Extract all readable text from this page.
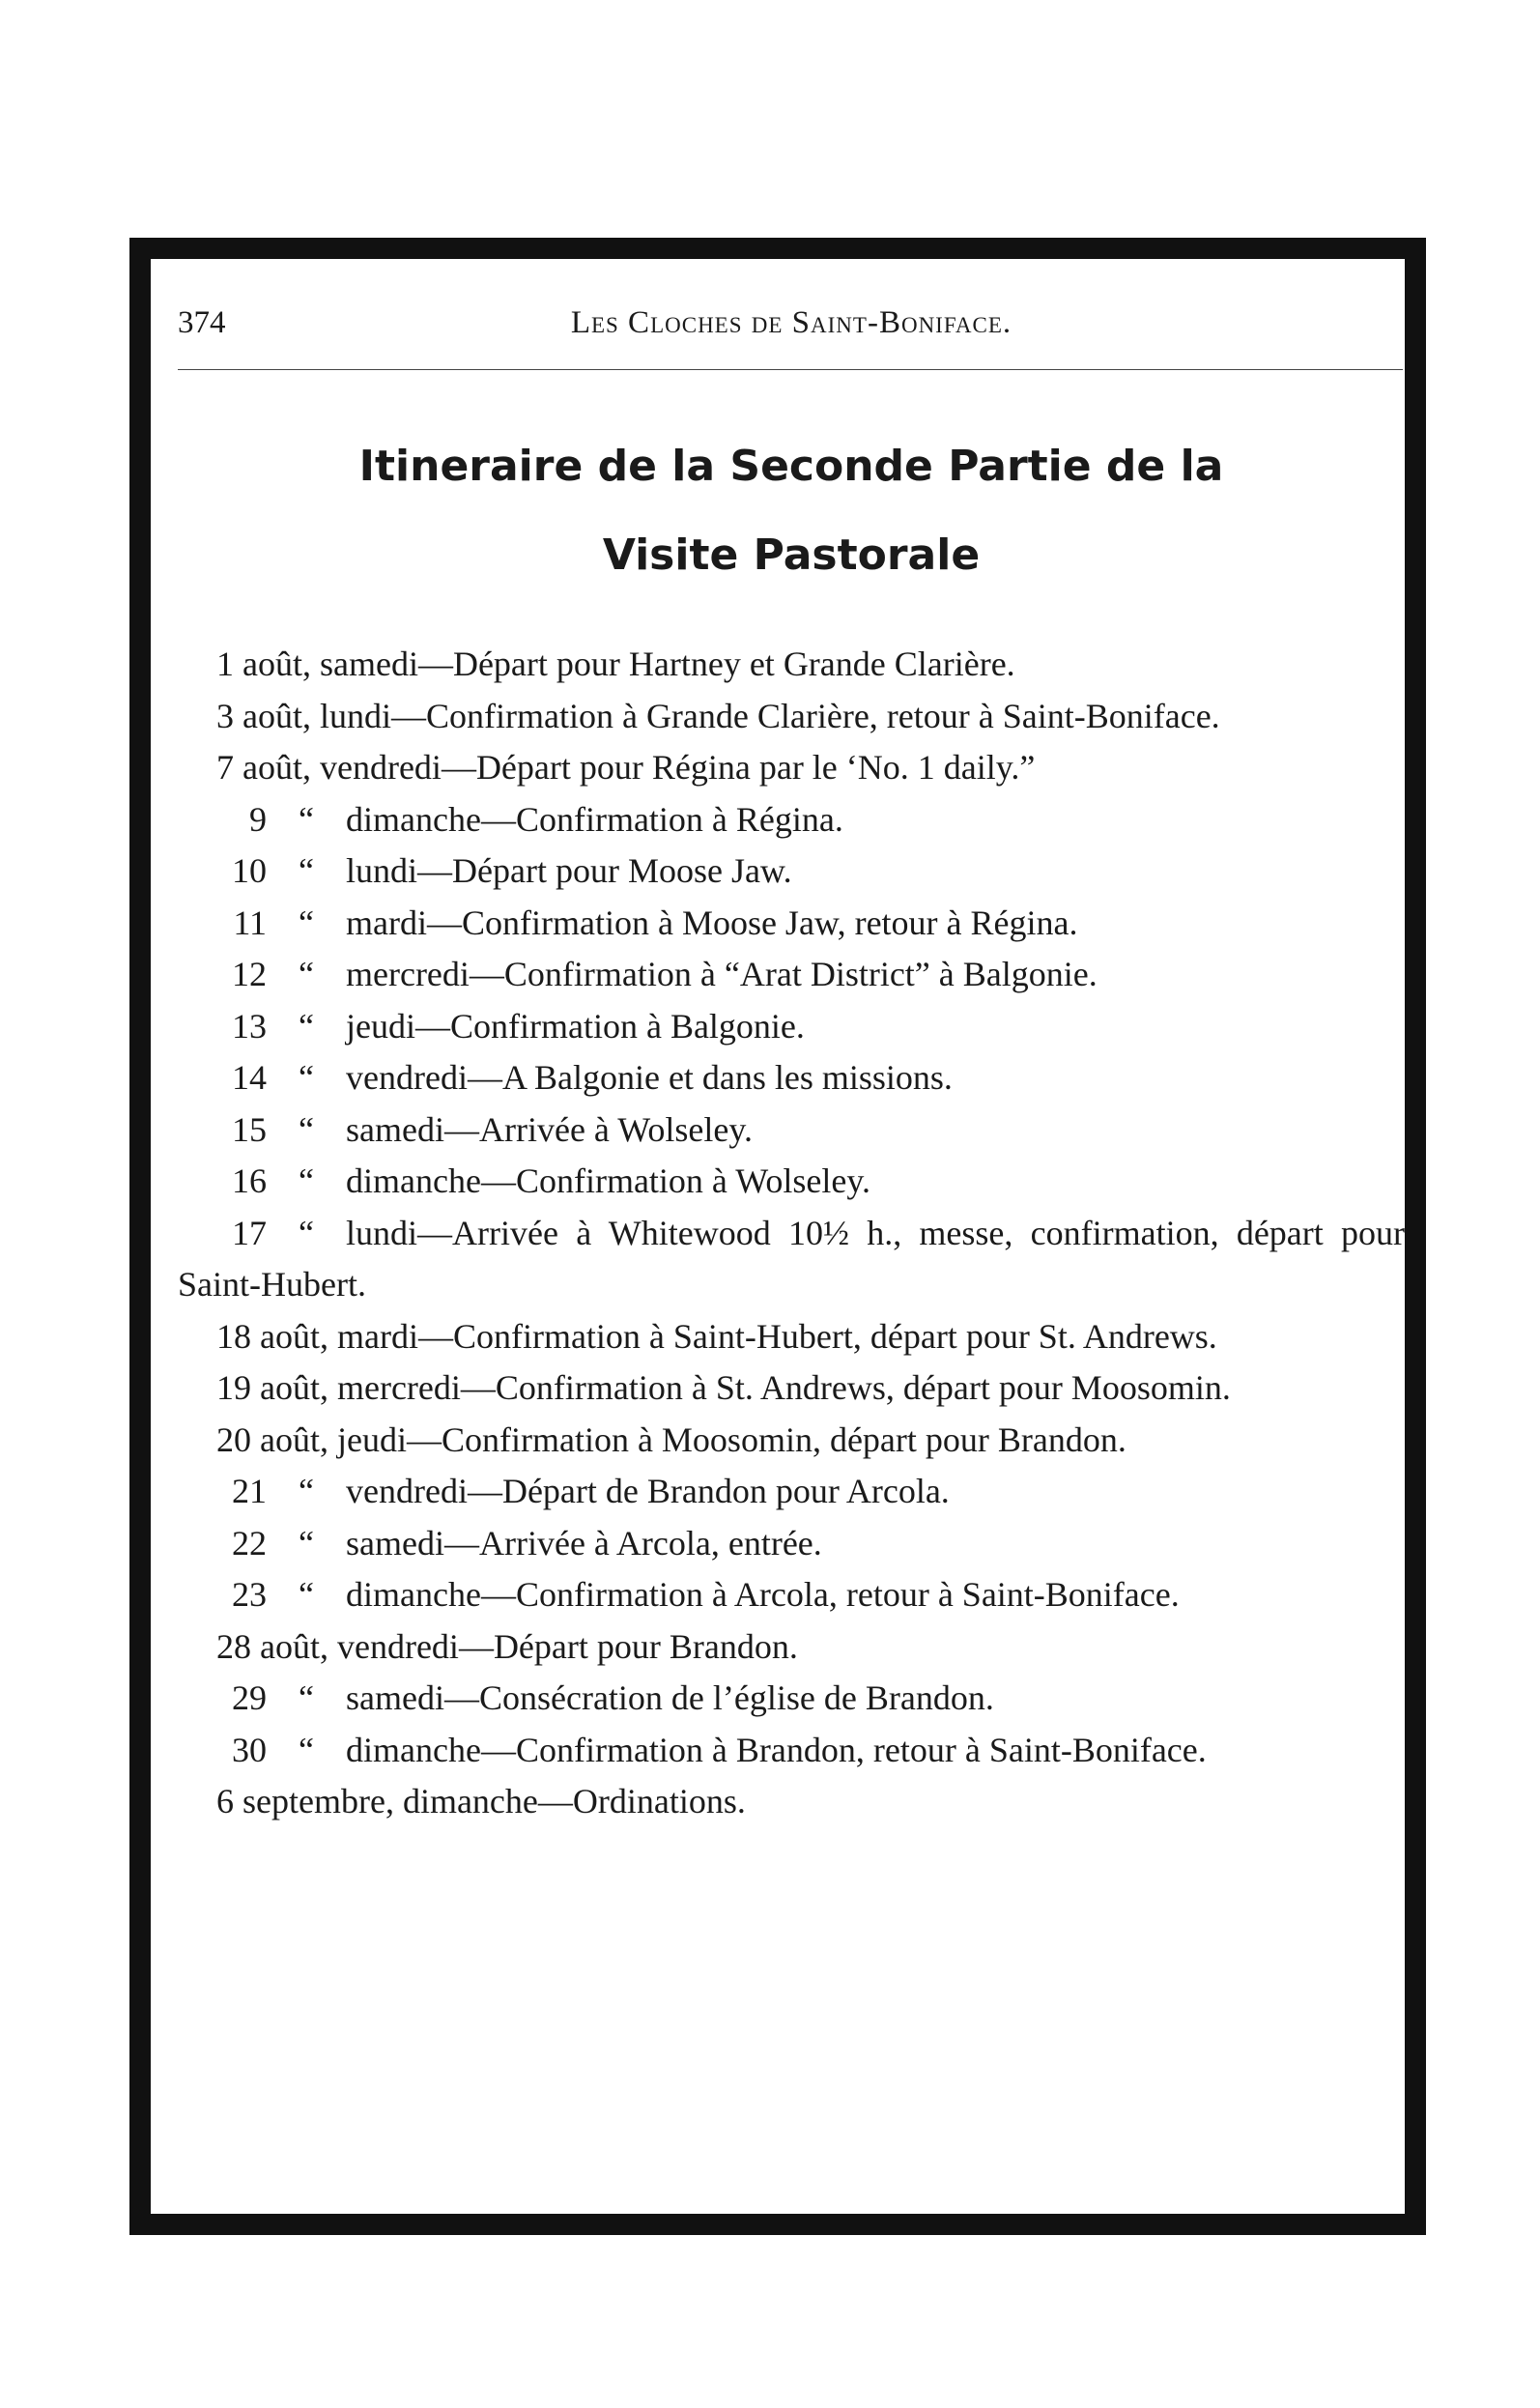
374	Les Cloches de Saint-Boniface.
Itineraire de la Seconde Partie de la
Visite Pastorale
1 août, samedi—Départ pour Hartney et Grande Clarière.
3 août, lundi—Confirmation à Grande Clarière, retour à Saint-Boniface.
7 août, vendredi—Départ pour Régina par le ‘No. 1 daily.”
9 “ dimanche—Confirmation à Régina.
10 “ lundi—Départ pour Moose Jaw.
11 “ mardi—Confirmation à Moose Jaw, retour à Régina.
12 “ mercredi—Confirmation à “Arat District” à Balgonie.
13 “ jeudi—Confirmation à Balgonie.
14 “ vendredi—A Balgonie et dans les missions.
15 “ samedi—Arrivée à Wolseley.
16 “ dimanche—Confirmation à Wolseley.
17 “ lundi—Arrivée à Whitewood 10½ h., messe, confirmation, départ pour Saint-Hubert.
18 août, mardi—Confirmation à Saint-Hubert, départ pour St. Andrews.
19 août, mercredi—Confirmation à St. Andrews, départ pour Moosomin.
20 août, jeudi—Confirmation à Moosomin, départ pour Brandon.
21 “ vendredi—Départ de Brandon pour Arcola.
22 “ samedi—Arrivée à Arcola, entrée.
23 “ dimanche—Confirmation à Arcola, retour à Saint-Boniface.
28 août, vendredi—Départ pour Brandon.
29 “ samedi—Consécration de l’église de Brandon.
30 “ dimanche—Confirmation à Brandon, retour à Saint-Boniface.
6 septembre, dimanche—Ordinations.
